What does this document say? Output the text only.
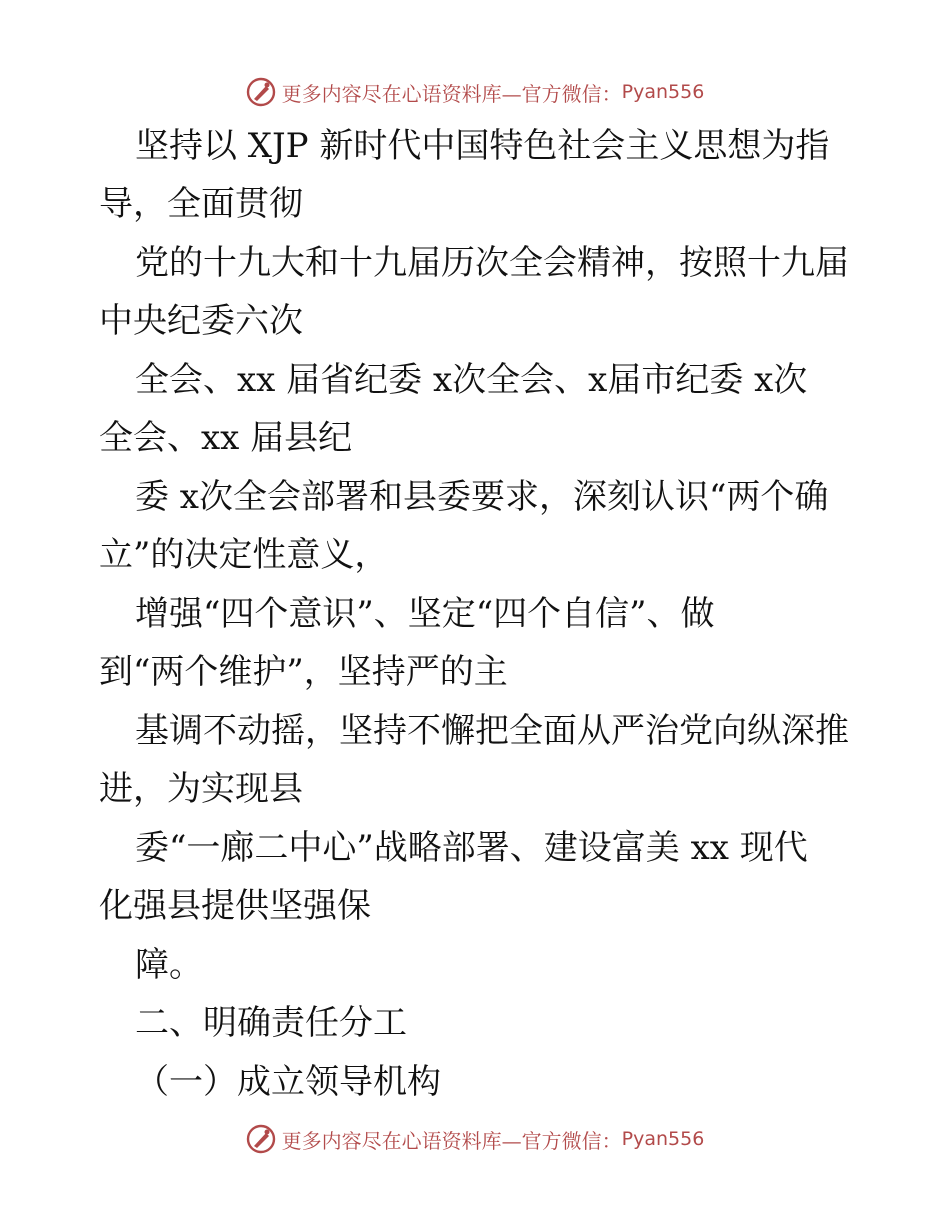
更多内容尽在心语资料库—官方微信： Pyan556
坚持以 XJP 新时代中国特色社会主义思想为指
导，全面贯彻
党的十九大和十九届历次全会精神，按照十九届
中央纪委六次
全会、xx 届省纪委 x次全会、x届市纪委 x次
全会、xx 届县纪
委 x次全会部署和县委要求，深刻认识“两个确
立”的决定性意义，
增强“四个意识”、坚定“四个自信”、做
到“两个维护”，坚持严的主
基调不动摇，坚持不懈把全面从严治党向纵深推
进，为实现县
委“一廊二中心”战略部署、建设富美 xx 现代
化强县提供坚强保
障。
二、明确责任分工
（一）成立领导机构
更多内容尽在心语资料库—官方微信： Pyan556
